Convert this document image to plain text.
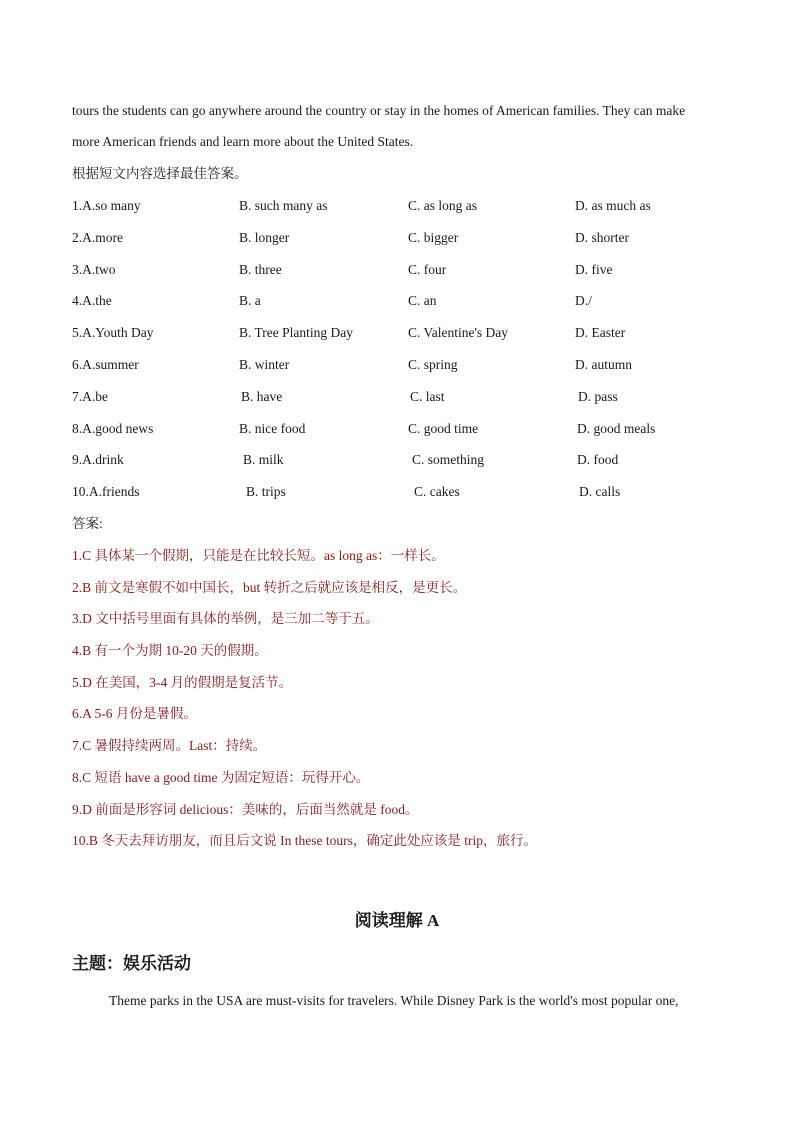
tours the students can go anywhere around the country or stay in the homes of American families. They can make
more American friends and learn more about the United States.
根据短文内容选择最佳答案。
1.A.so many	B. such many as	C. as long as	D. as much as
2.A.more	B. longer	C. bigger	D. shorter
3.A.two	B. three	C. four	D. five
4.A.the	B. a	C. an	D./
5.A.Youth Day	B. Tree Planting Day	C. Valentine's Day	D. Easter
6.A.summer	B. winter	C. spring	D. autumn
7.A.be	B. have	C. last	D. pass
8.A.good news	B. nice food	C. good time	D. good meals
9.A.drink	B. milk	C. something	D. food
10.A.friends	B. trips	C. cakes	D. calls
答案:
1.C 具体某一个假期，只能是在比较长短。as long as：一样长。
2.B 前文是寒假不如中国长，but 转折之后就应该是相反，是更长。
3.D 文中括号里面有具体的举例，是三加二等于五。
4.B 有一个为期 10-20 天的假期。
5.D 在美国，3-4 月的假期是复活节。
6.A 5-6 月份是暑假。
7.C 暑假持续两周。Last：持续。
8.C 短语 have a good time 为固定短语：玩得开心。
9.D 前面是形容词 delicious：美味的，后面当然就是 food。
10.B 冬天去拜访朋友，而且后文说 In these tours，确定此处应该是 trip，旅行。
阅读理解 A
主题：娱乐活动
Theme parks in the USA are must-visits for travelers. While Disney Park is the world's most popular one,
